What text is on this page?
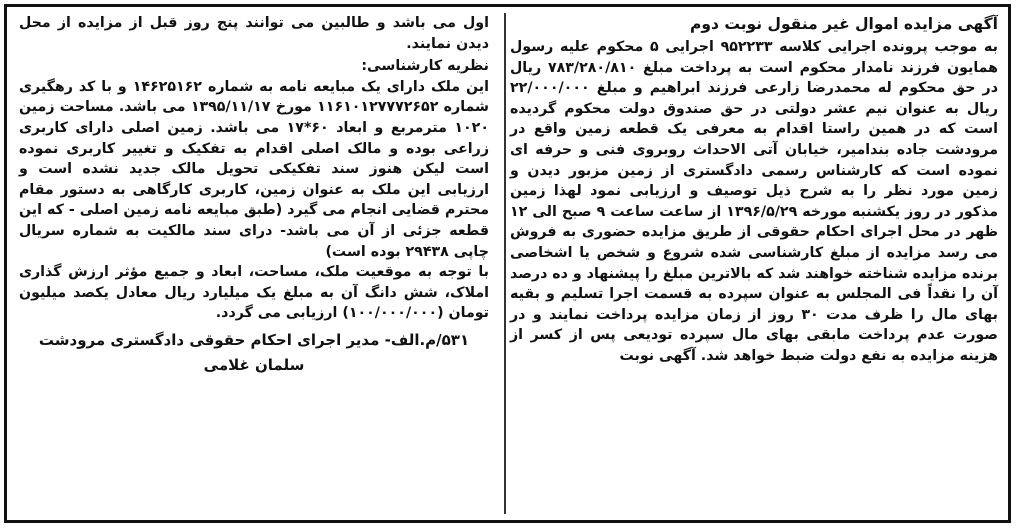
آگهی مزایده اموال غیر منقول نوبت دوم

به موجب پرونده اجرایی کلاسه ۹۵۲۲۳۳ اجرایی ۵ محکوم علیه رسول همایون فرزند نامدار محکوم است به پرداخت مبلغ ۷۸۳/۲۸۰/۸۱۰ ریال در حق محکوم له محمدرضا زارعی فرزند ابراهیم و مبلغ ۲۲/۰۰۰/۰۰۰ ریال به عنوان نیم عشر دولتی در حق صندوق دولت محکوم گردیده است که در همین راستا اقدام به معرفی یک قطعه زمین واقع در مرودشت جاده بندامیر، خیابان آتی الاحداث روبروی فنی و حرفه ای نموده است که کارشناس رسمی دادگستری از زمین مزبور دیدن و زمین مورد نظر را به شرح ذیل توصیف و ارزیابی نمود لهذا زمین مذکور در روز یکشنبه مورخه ۱۳۹۶/۵/۲۹ از ساعت ساعت ۹ صبح الی ۱۲ ظهر در محل اجرای احکام حقوقی از طریق مزایده حضوری به فروش می رسد مزایده از مبلغ کارشناسی شده شروع و شخص یا اشخاصی برنده مزایده شناخته خواهند شد که بالاترین مبلغ را پیشنهاد و ده درصد آن را نقداً فی المجلس به عنوان سپرده به قسمت اجرا تسلیم و بقیه بهای مال را ظرف مدت ۳۰ روز از زمان مزایده پرداخت نمایند و در صورت عدم پرداخت مابقی بهای مال سپرده تودیعی پس از کسر از هزینه مزایده به نفع دولت ضبط خواهد شد. آگهی نوبت

اول می باشد و طالبین می توانند پنج روز قبل از مزایده از محل دیدن نمایند.

نظریه کارشناسی:

این ملک دارای یک مبایعه نامه به شماره ۱۴۶۲۵۱۶۲ و با کد رهگیری شماره ۱۱۶۱۰۱۲۷۷۷۲۶۵۲ مورخ ۱۳۹۵/۱۱/۱۷ می باشد. مساحت زمین ۱۰۲۰ مترمربع و ابعاد ۶۰*۱۷ می باشد. زمین اصلی دارای کاربری زراعی بوده و مالک اصلی اقدام به تفکیک و تغییر کاربری نموده است لیکن هنوز سند تفکیکی تحویل مالک جدید نشده است و ارزیابی این ملک به عنوان زمین، کاربری کارگاهی به دستور مقام محترم قضایی انجام می گیرد (طبق مبایعه نامه زمین اصلی - که این قطعه جزئی از آن می باشد- درای سند مالکیت به شماره سریال چاپی ۲۹۴۳۸ بوده است)

با توجه به موقعیت ملک، مساحت، ابعاد و جمیع مؤثر ارزش گذاری املاک، شش دانگ آن به مبلغ یک میلیارد ریال معادل یکصد میلیون تومان (۱۰۰/۰۰۰/۰۰۰) ارزیابی می گردد.

۵۳۱/م.الف- مدیر اجرای احکام حقوقی دادگستری مرودشت
سلمان غلامی
